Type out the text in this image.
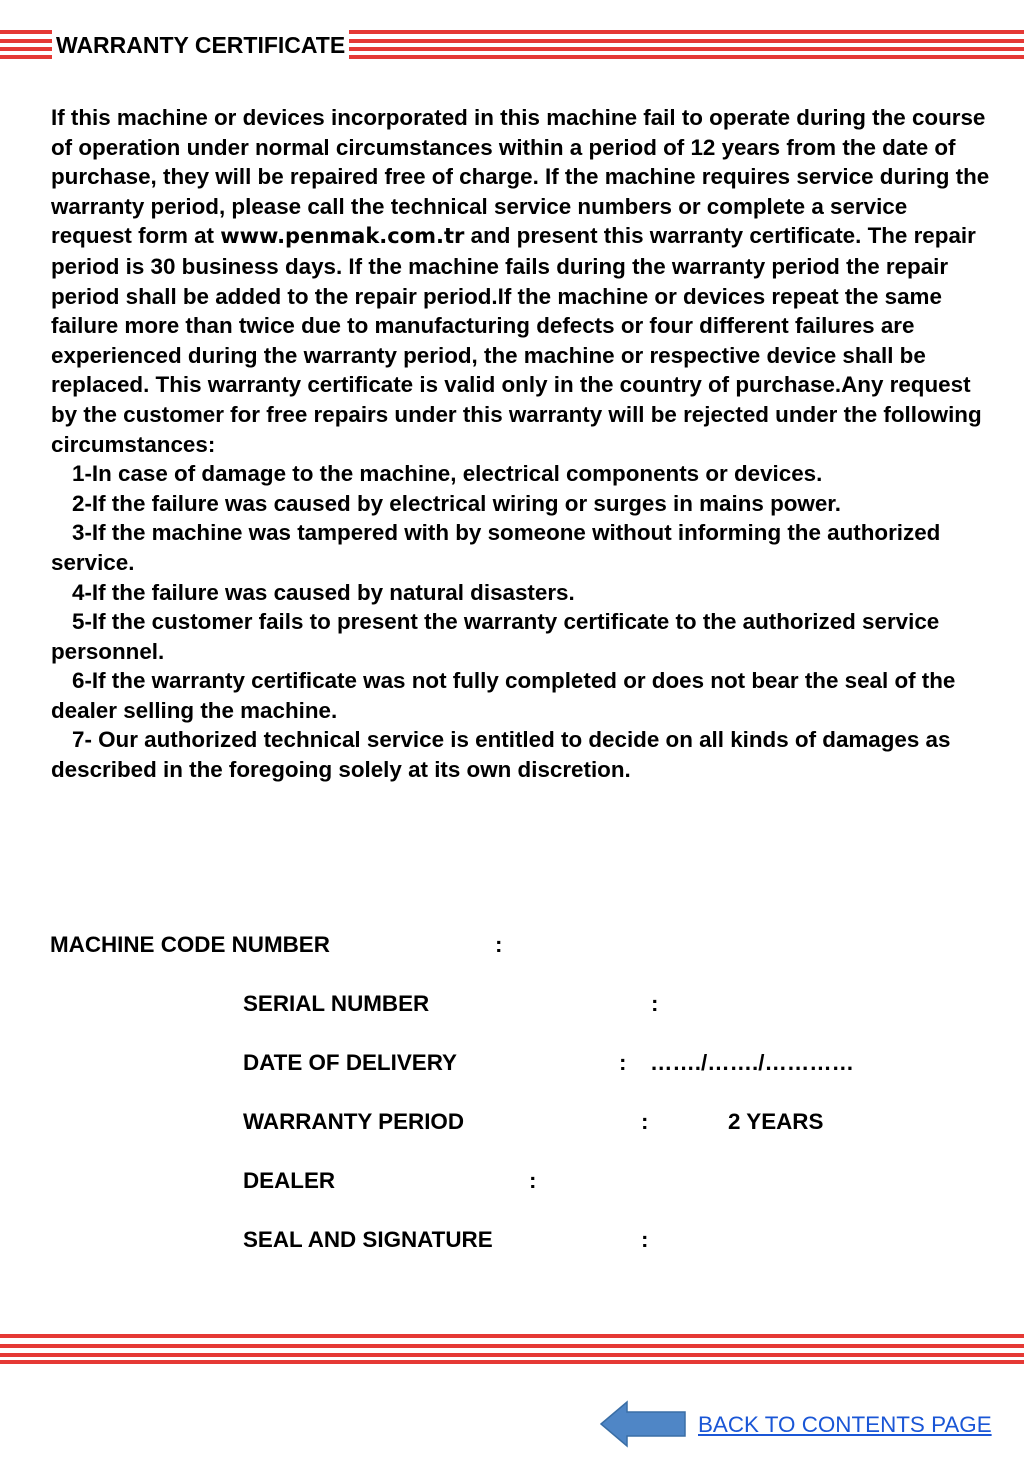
WARRANTY CERTIFICATE

If this machine or devices incorporated in this machine fail to operate during the course of operation under normal circumstances within a period of 12 years from the date of purchase, they will be repaired free of charge. If the machine requires service during the warranty period, please call the technical service numbers or complete a service request form at www.penmak.com.tr and present this warranty certificate. The repair period is 30 business days. If the machine fails during the warranty period the repair period shall be added to the repair period.If the machine or devices repeat the same failure more than twice due to manufacturing defects or four different failures are experienced during the warranty period, the machine or respective device shall be replaced. This warranty certificate is valid only in the country of purchase.Any request by the customer for free repairs under this warranty will be rejected under the following circumstances:

1-In case of damage to the machine, electrical components or devices.

2-If the failure was caused by electrical wiring or surges in mains power.

3-If the machine was tampered with by someone without informing the authorized service.

4-If the failure was caused by natural disasters.

5-If the customer fails to present the warranty certificate to the authorized service personnel.

6-If the warranty certificate was not fully completed or does not bear the seal of the dealer selling the machine.

7- Our authorized technical service is entitled to decide on all kinds of damages as described in the foregoing solely at its own discretion.

MACHINE CODE NUMBER	:
SERIAL NUMBER	:
DATE OF DELIVERY	: ……./……./…………
WARRANTY PERIOD	:	2 YEARS
DEALER	:
SEAL AND SIGNATURE	:
BACK TO CONTENTS PAGE
